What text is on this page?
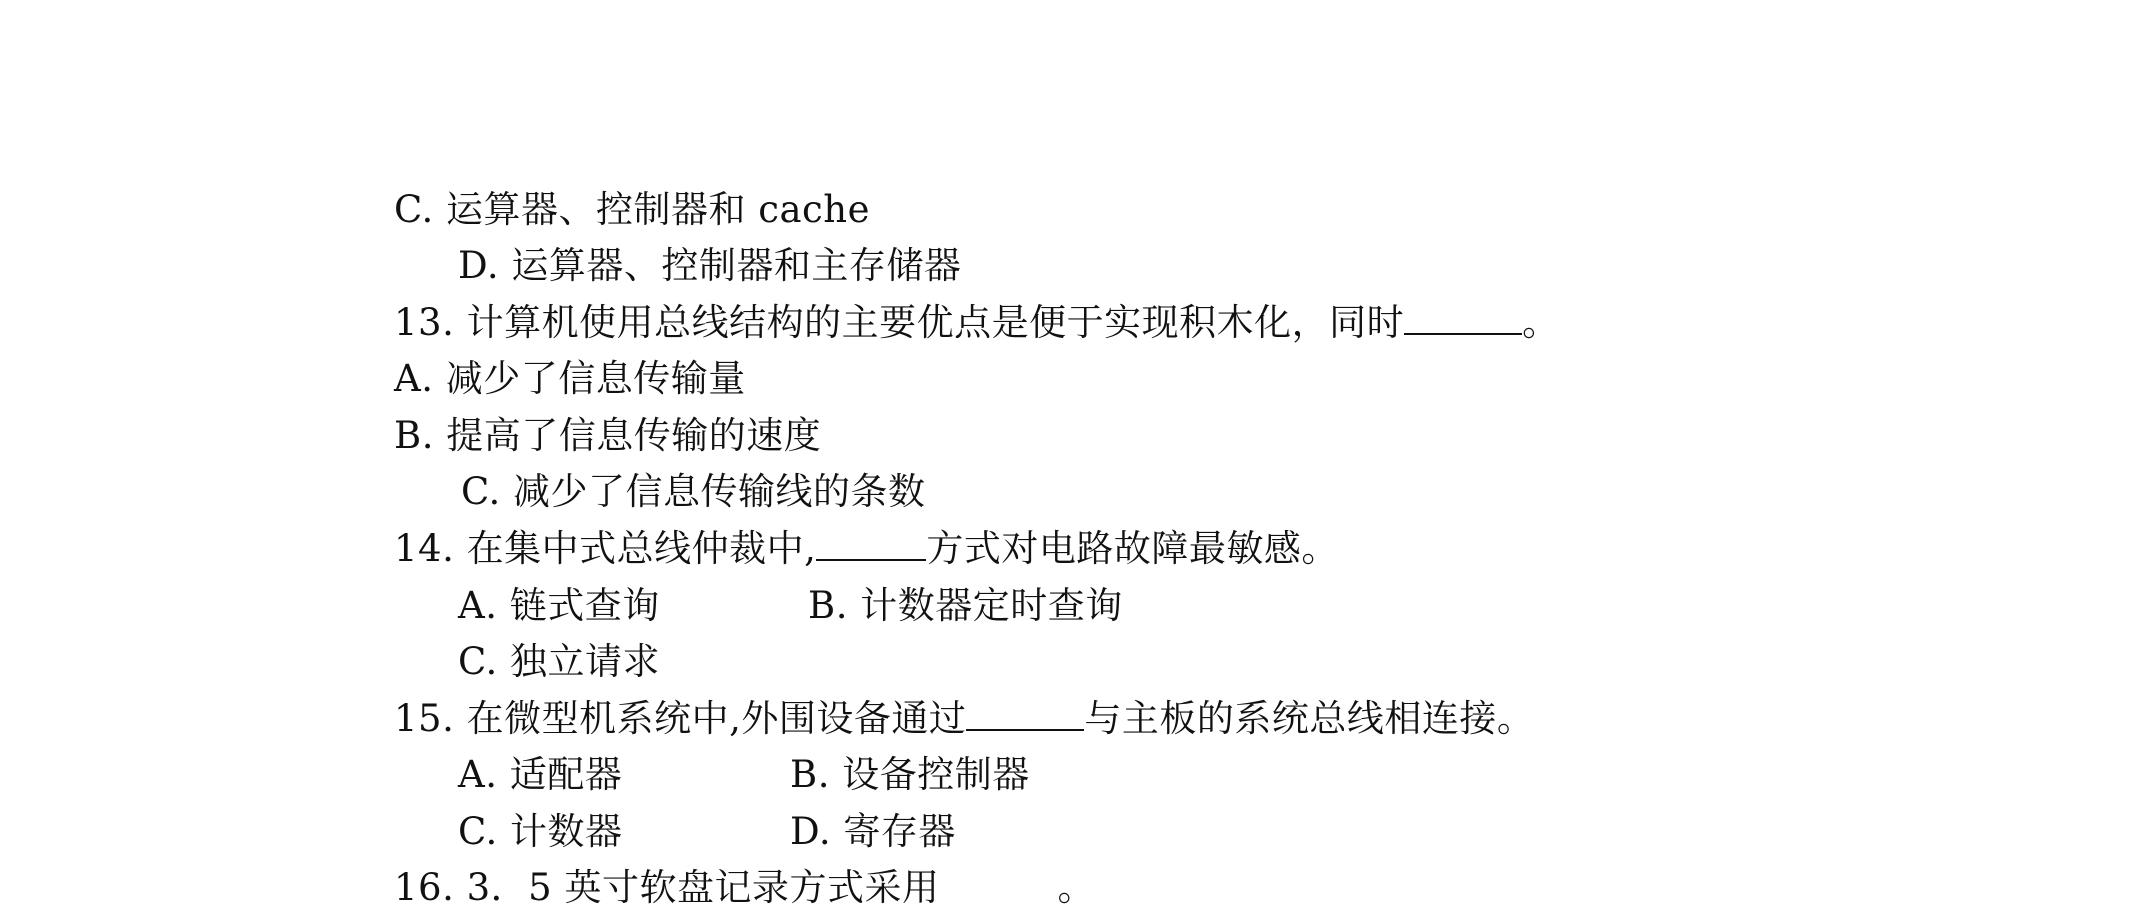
C. 运算器、控制器和 cache
D. 运算器、控制器和主存储器
13. 计算机使用总线结构的主要优点是便于实现积木化，同时	。
A. 减少了信息传输量
B. 提高了信息传输的速度
C. 减少了信息传输线的条数
14. 在集中式总线仲裁中,	方式对电路故障最敏感。
A. 链式查询	B. 计数器定时查询
C. 独立请求
15. 在微型机系统中,外围设备通过	与主板的系统总线相连接。
A. 适配器	B. 设备控制器
C. 计数器	D. 寄存器
16. 3．5 英寸软盘记录方式采用	。
